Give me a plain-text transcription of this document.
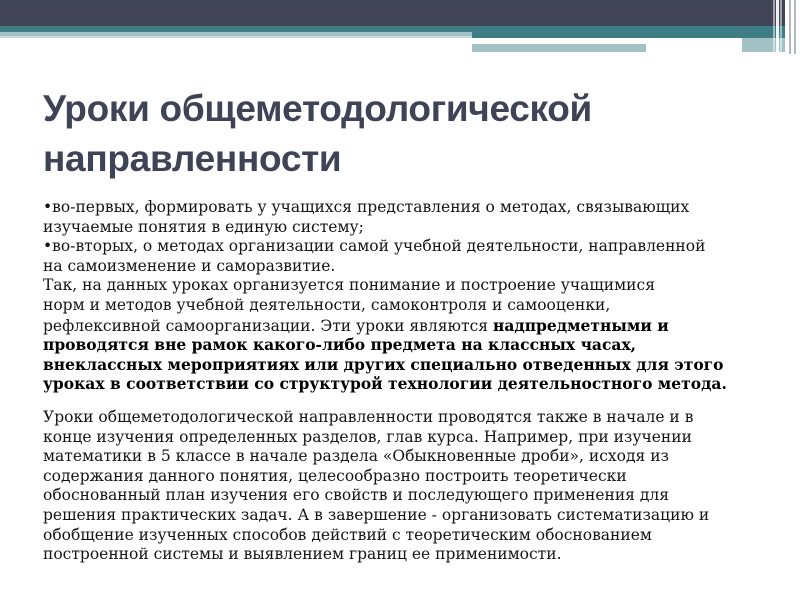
Уроки общеметодологической
направленности
•во-первых, формировать у учащихся представления о методах, связывающих
изучаемые понятия в единую систему;
•во-вторых, о методах организации самой учебной деятельности, направленной
на самоизменение и саморазвитие.
Так, на данных уроках организуется понимание и построение учащимися
норм и методов учебной деятельности, самоконтроля и самооценки,
рефлексивной самоорганизации. Эти уроки являются надпредметными и
проводятся вне рамок какого-либо предмета на классных часах,
внеклассных мероприятиях или других специально отведенных для этого
уроках в соответствии со структурой технологии деятельностного метода.
Уроки общеметодологической направленности проводятся также в начале и в
конце изучения определенных разделов, глав курса. Например, при изучении
математики в 5 классе в начале раздела «Обыкновенные дроби», исходя из
содержания данного понятия, целесообразно построить теоретически
обоснованный план изучения его свойств и последующего применения для
решения практических задач. А в завершение - организовать систематизацию и
обобщение изученных способов действий с теоретическим обоснованием
построенной системы и выявлением границ ее применимости.
